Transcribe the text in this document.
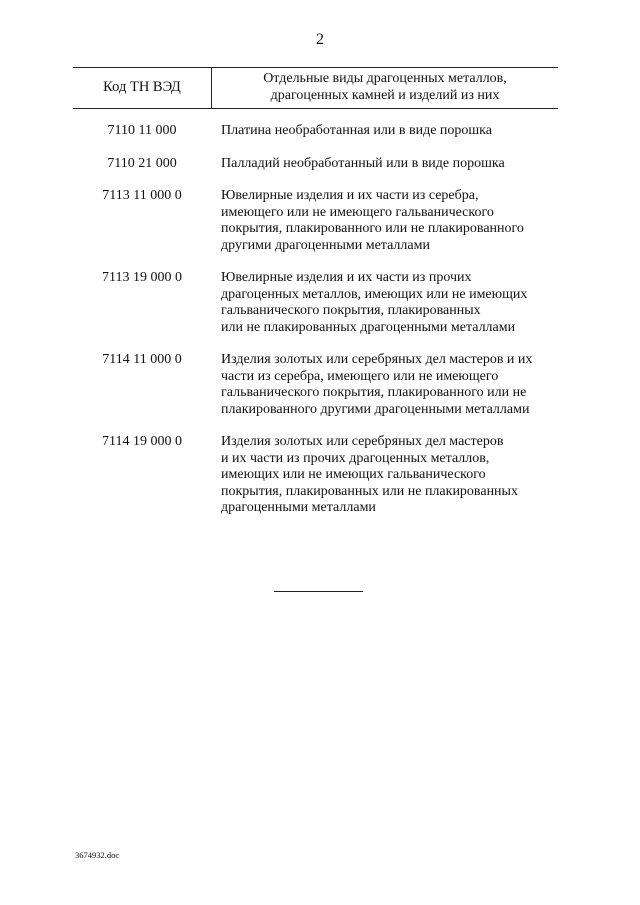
2
Код ТН ВЭД
Отдельные виды драгоценных металлов,
драгоценных камней и изделий из них
7110 11 000	Платина необработанная или в виде порошка
7110 21 000	Палладий необработанный или в виде порошка
7113 11 000 0	Ювелирные изделия и их части из серебра,
имеющего или не имеющего гальванического
покрытия, плакированного или не плакированного
другими драгоценными металлами
7113 19 000 0	Ювелирные изделия и их части из прочих
драгоценных металлов, имеющих или не имеющих
гальванического покрытия, плакированных
или не плакированных драгоценными металлами
7114 11 000 0	Изделия золотых или серебряных дел мастеров и их
части из серебра, имеющего или не имеющего
гальванического покрытия, плакированного или не
плакированного другими драгоценными металлами
7114 19 000 0	Изделия золотых или серебряных дел мастеров
и их части из прочих драгоценных металлов,
имеющих или не имеющих гальванического
покрытия, плакированных или не плакированных
драгоценными металлами
3674932.doc
